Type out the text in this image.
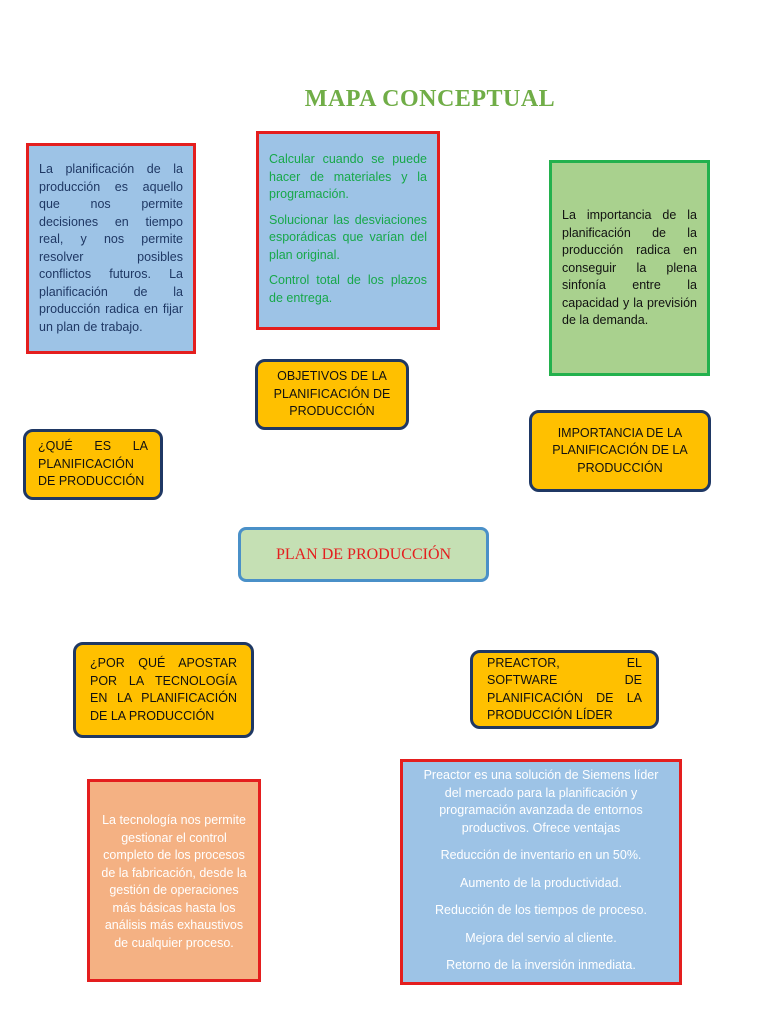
MAPA CONCEPTUAL

La planificación de la producción es aquello que nos permite decisiones en tiempo real, y nos permite resolver posibles conflictos futuros. La planificación de la producción radica en fijar un plan de trabajo.

Calcular cuando se puede hacer de materiales y la programación.

Solucionar las desviaciones esporádicas que varían del plan original.

Control total de los plazos de entrega.

La importancia de la planificación de la producción radica en conseguir la plena sinfonía entre la capacidad y la previsión de la demanda.

OBJETIVOS DE LA PLANIFICACIÓN DE PRODUCCIÓN
¿QUÉ ES LA PLANIFICACIÓN DE PRODUCCIÓN
IMPORTANCIA DE LA PLANIFICACIÓN DE LA PRODUCCIÓN
PLAN DE PRODUCCIÓN
¿POR QUÉ APOSTAR POR LA TECNOLOGÍA EN LA PLANIFICACIÓN DE LA PRODUCCIÓN
PREACTOR, EL SOFTWARE DE PLANIFICACIÓN DE LA PRODUCCIÓN LÍDER

La tecnología nos permite gestionar el control completo de los procesos de la fabricación, desde la gestión de operaciones más básicas hasta los análisis más exhaustivos de cualquier proceso.

Preactor es una solución de Siemens líder del mercado para la planificación y programación avanzada de entornos productivos. Ofrece ventajas

Reducción de inventario en un 50%.

Aumento de la productividad.

Reducción de los tiempos de proceso.

Mejora del servio al cliente.

Retorno de la inversión inmediata.
